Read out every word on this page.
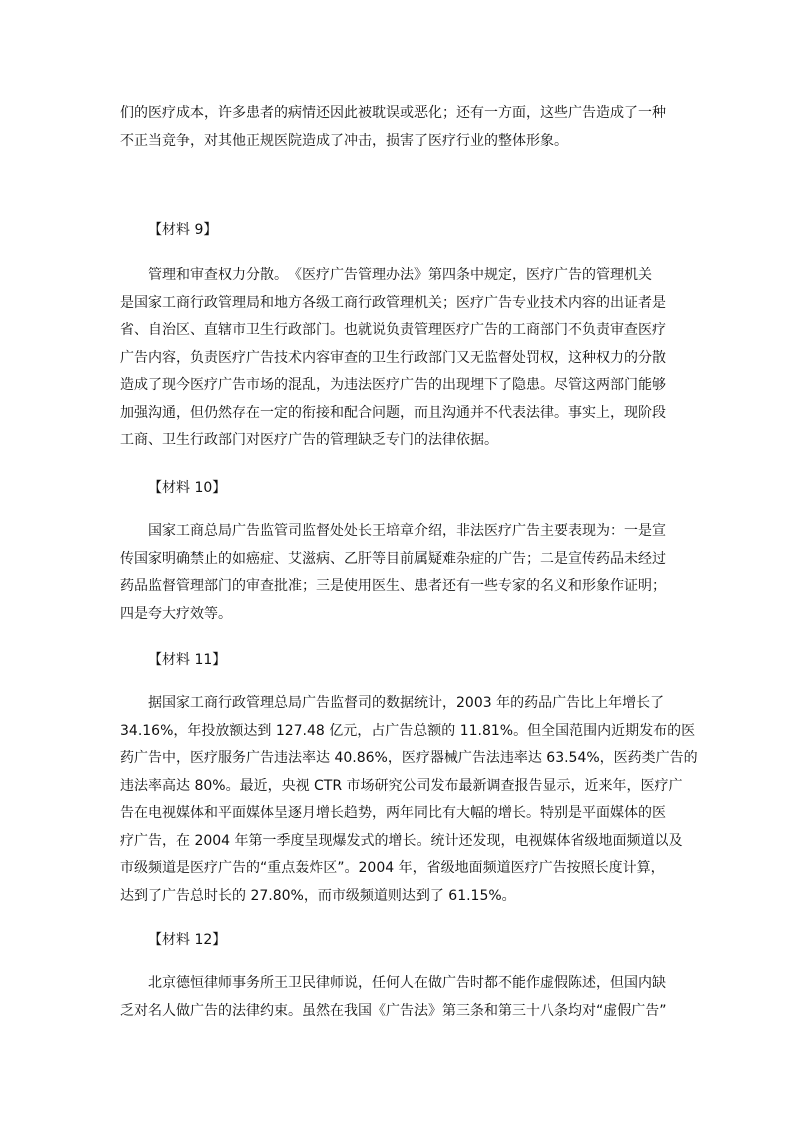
们的医疗成本，许多患者的病情还因此被耽误或恶化；还有一方面，这些广告造成了一种
不正当竞争，对其他正规医院造成了冲击，损害了医疗行业的整体形象。

【材料 9】

　　管理和审查权力分散。　《医疗广告管理办法》第四条中规定，医疗广告的管理机关
是国家工商行政管理局和地方各级工商行政管理机关；医疗广告专业技术内容的出证者是
省、自治区、直辖市卫生行政部门。也就说负责管理医疗广告的工商部门不负责审查医疗
广告内容，负责医疗广告技术内容审查的卫生行政部门又无监督处罚权，这种权力的分散
造成了现今医疗广告市场的混乱，为违法医疗广告的出现埋下了隐患。尽管这两部门能够
加强沟通，但仍然存在一定的衔接和配合问题，而且沟通并不代表法律。事实上，现阶段
工商、卫生行政部门对医疗广告的管理缺乏专门的法律依据。

【材料 10】

　　国家工商总局广告监管司监督处处长王培章介绍，非法医疗广告主要表现为：一是宣
传国家明确禁止的如癌症、艾滋病、乙肝等目前属疑难杂症的广告；二是宣传药品未经过
药品监督管理部门的审查批准；三是使用医生、患者还有一些专家的名义和形象作证明；
四是夸大疗效等。

【材料 11】

　　据国家工商行政管理总局广告监督司的数据统计，2003 年的药品广告比上年增长了
34.16%，年投放额达到 127.48 亿元，占广告总额的 11.81%。但全国范围内近期发布的医
药广告中，医疗服务广告违法率达 40.86%，医疗器械广告法违率达 63.54%，医药类广告的
违法率高达 80%。最近，央视 CTR 市场研究公司发布最新调查报告显示，近来年，医疗广
告在电视媒体和平面媒体呈逐月增长趋势，两年同比有大幅的增长。特别是平面媒体的医
疗广告，在 2004 年第一季度呈现爆发式的增长。统计还发现，电视媒体省级地面频道以及
市级频道是医疗广告的“重点轰炸区”。2004 年，省级地面频道医疗广告按照长度计算，
达到了广告总时长的 27.80%，而市级频道则达到了 61.15%。

【材料 12】

　　北京德恒律师事务所王卫民律师说，任何人在做广告时都不能作虚假陈述，但国内缺
乏对名人做广告的法律约束。虽然在我国《广告法》第三条和第三十八条均对“虚假广告”
